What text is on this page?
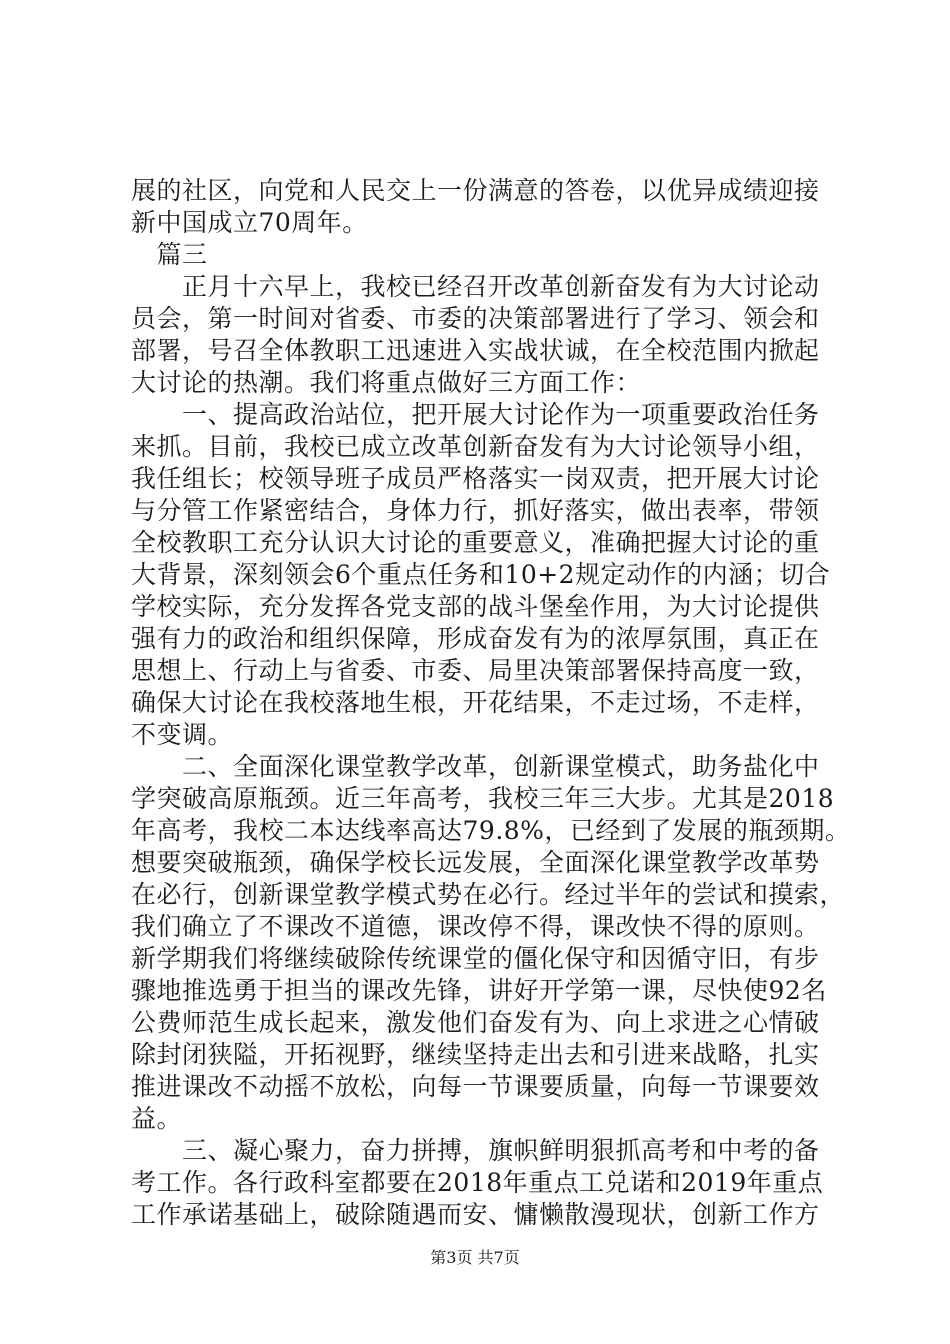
展的社区，向党和人民交上一份满意的答卷，以优异成绩迎接
新中国成立70周年。
　篇三
　　正月十六早上，我校已经召开改革创新奋发有为大讨论动
员会，第一时间对省委、市委的决策部署进行了学习、领会和
部署，号召全体教职工迅速进入实战状诚，在全校范围内掀起
大讨论的热潮。我们将重点做好三方面工作：
　　一、提高政治站位，把开展大讨论作为一项重要政治任务
来抓。目前，我校已成立改革创新奋发有为大讨论领导小组，
我任组长；校领导班子成员严格落实一岗双责，把开展大讨论
与分管工作紧密结合，身体力行，抓好落实，做出表率，带领
全校教职工充分认识大讨论的重要意义，准确把握大讨论的重
大背景，深刻领会6个重点任务和10+2规定动作的内涵；切合
学校实际，充分发挥各党支部的战斗堡垒作用，为大讨论提供
强有力的政治和组织保障，形成奋发有为的浓厚氛围，真正在
思想上、行动上与省委、市委、局里决策部署保持高度一致，
确保大讨论在我校落地生根，开花结果，不走过场，不走样，
不变调。
　　二、全面深化课堂教学改革，创新课堂模式，助务盐化中
学突破高原瓶颈。近三年高考，我校三年三大步。尤其是2018
年高考，我校二本达线率高达79.8%，已经到了发展的瓶颈期。
想要突破瓶颈，确保学校长远发展，全面深化课堂教学改革势
在必行，创新课堂教学模式势在必行。经过半年的尝试和摸索，
我们确立了不课改不道德，课改停不得，课改快不得的原则。
新学期我们将继续破除传统课堂的僵化保守和因循守旧，有步
骤地推选勇于担当的课改先锋，讲好开学第一课，尽快使92名
公费师范生成长起来，激发他们奋发有为、向上求进之心情破
除封闭狭隘，开拓视野，继续坚持走出去和引进来战略，扎实
推进课改不动摇不放松，向每一节课要质量，向每一节课要效
益。
　　三、凝心聚力，奋力拼搏，旗帜鲜明狠抓高考和中考的备
考工作。各行政科室都要在2018年重点工兑诺和2019年重点
工作承诺基础上，破除随遇而安、慵懒散漫现状，创新工作方
第3页 共7页
